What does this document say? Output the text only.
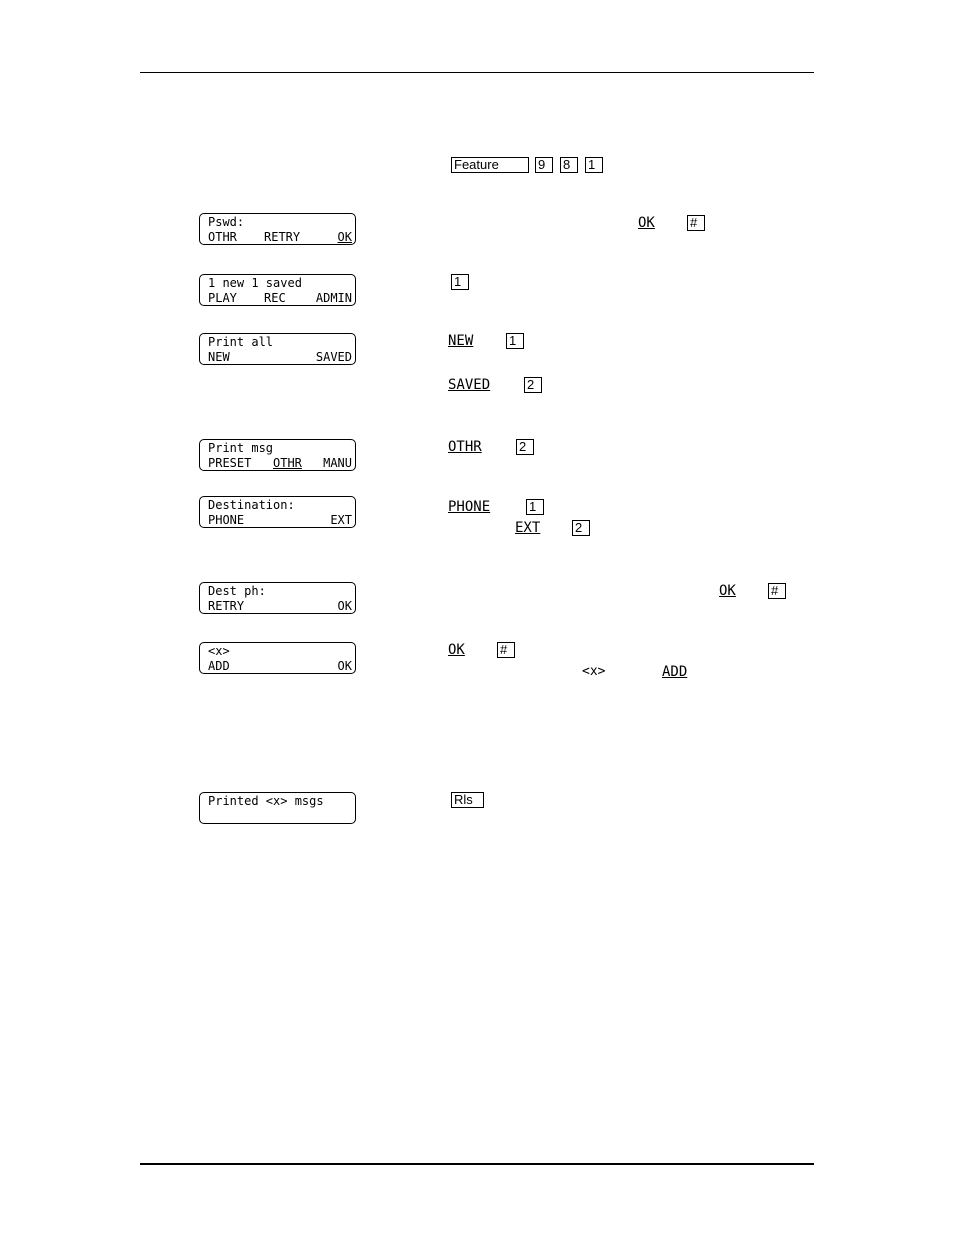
Feature	9	8	1
Pswd:
OTHR RETRY	OK
OK	#
1 new 1 saved
PLAY REC	ADMIN
1
Print all
NEW	SAVED
NEW	1
SAVED	2
Print msg
PRESET OTHR MANU
OTHR	2
Destination:
PHONE	EXT
PHONE	1
EXT	2
Dest ph:
RETRY	OK
OK	#
<x>
ADD	OK
OK	#
<x>	ADD
Printed <x> msgs	Rls
